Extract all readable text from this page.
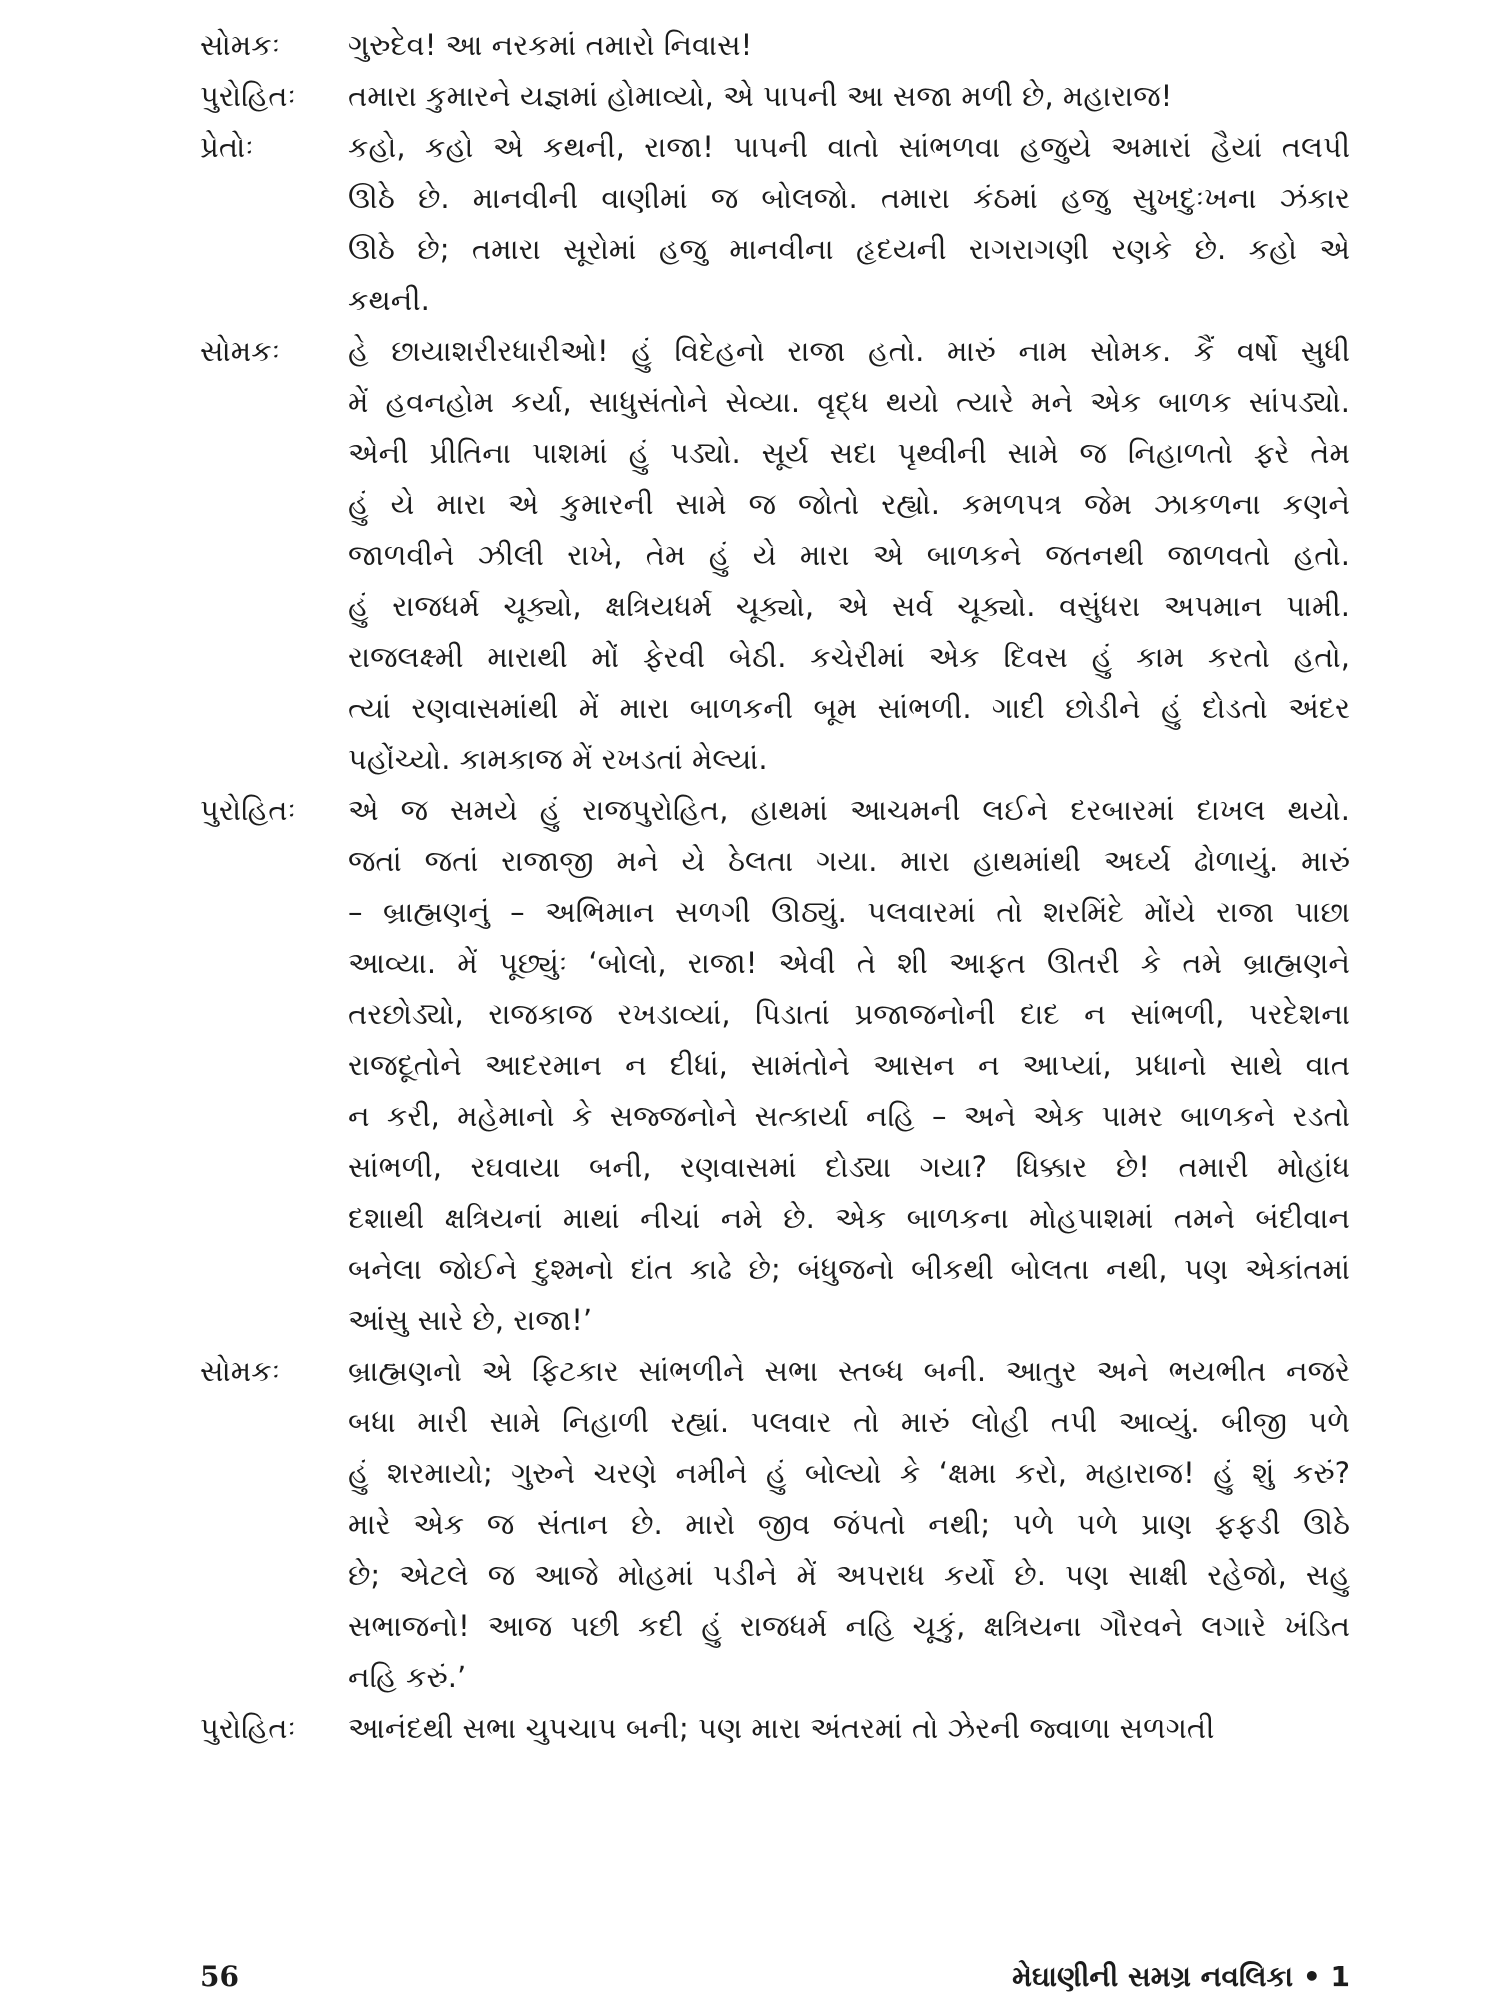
સોમકઃ	ગુરુદેવ! આ નરકમાં તમારો નિવાસ!
પુરોહિતઃ	તમારા કુમારને યજ્ઞમાં હોમાવ્યો, એ પાપની આ સજા મળી છે, મહારાજ!
પ્રેતોઃ	કહો, કહો એ કથની, રાજા! પાપની વાતો સાંભળવા હજુયે અમારાં હૈયાં તલપી
ઊઠે છે. માનવીની વાણીમાં જ બોલજો. તમારા કંઠમાં હજુ સુખદુઃખના ઝંકાર
ઊઠે છે; તમારા સૂરોમાં હજુ માનવીના હૃદયની રાગરાગણી રણકે છે. કહો એ
કથની.
સોમકઃ	હે છાયાશરીરધારીઓ! હું વિદેહનો રાજા હતો. મારું નામ સોમક. કૈં વર્ષો સુધી
મેં હવનહોમ કર્યા, સાધુસંતોને સેવ્યા. વૃદ્ધ થયો ત્યારે મને એક બાળક સાંપડ્યો.
એની પ્રીતિના પાશમાં હું પડ્યો. સૂર્ય સદા પૃથ્વીની સામે જ નિહાળતો ફરે તેમ
હું યે મારા એ કુમારની સામે જ જોતો રહ્યો. કમળપત્ર જેમ ઝાકળના કણને
જાળવીને ઝીલી રાખે, તેમ હું યે મારા એ બાળકને જતનથી જાળવતો હતો.
હું રાજધર્મ ચૂક્યો, ક્ષત્રિયધર્મ ચૂક્યો, એ સર્વ ચૂક્યો. વસુંધરા અપમાન પામી.
રાજલક્ષ્મી મારાથી મોં ફેરવી બેઠી. કચેરીમાં એક દિવસ હું કામ કરતો હતો,
ત્યાં રણવાસમાંથી મેં મારા બાળકની બૂમ સાંભળી. ગાદી છોડીને હું દોડતો અંદર
પહોંચ્યો. કામકાજ મેં રખડતાં મેલ્યાં.
પુરોહિતઃ	એ જ સમયે હું રાજપુરોહિત, હાથમાં આચમની લઈને દરબારમાં દાખલ થયો.
જતાં જતાં રાજાજી મને યે ઠેલતા ગયા. મારા હાથમાંથી અર્ઘ્ય ઢોળાયું. મારું
– બ્રાહ્મણનું – અભિમાન સળગી ઊઠ્યું. પલવારમાં તો શરમિંદે મોંયે રાજા પાછા
આવ્યા. મેં પૂછ્યુંઃ ‘બોલો, રાજા! એવી તે શી આફત ઊતરી કે તમે બ્રાહ્મણને
તરછોડ્યો, રાજકાજ રખડાવ્યાં, પિડાતાં પ્રજાજનોની દાદ ન સાંભળી, પરદેશના
રાજદૂતોને આદરમાન ન દીધાં, સામંતોને આસન ન આપ્યાં, પ્રધાનો સાથે વાત
ન કરી, મહેમાનો કે સજ્જનોને સત્કાર્યા નહિ – અને એક પામર બાળકને રડતો
સાંભળી, રઘવાયા બની, રણવાસમાં દોડ્યા ગયા? ધિક્કાર છે! તમારી મોહાંધ
દશાથી ક્ષત્રિયનાં માથાં નીચાં નમે છે. એક બાળકના મોહપાશમાં તમને બંદીવાન
બનેલા જોઈને દુશ્મનો દાંત કાઢે છે; બંધુજનો બીકથી બોલતા નથી, પણ એકાંતમાં
આંસુ સારે છે, રાજા!’
સોમકઃ	બ્રાહ્મણનો એ ફિટકાર સાંભળીને સભા સ્તબ્ધ બની. આતુર અને ભયભીત નજરે
બધા મારી સામે નિહાળી રહ્યાં. પલવાર તો મારું લોહી તપી આવ્યું. બીજી પળે
હું શરમાયો; ગુરુને ચરણે નમીને હું બોલ્યો કે ‘ક્ષમા કરો, મહારાજ! હું શું કરું?
મારે એક જ સંતાન છે. મારો જીવ જંપતો નથી; પળે પળે પ્રાણ ફફડી ઊઠે
છે; એટલે જ આજે મોહમાં પડીને મેં અપરાધ કર્યો છે. પણ સાક્ષી રહેજો, સહુ
સભાજનો! આજ પછી કદી હું રાજધર્મ નહિ ચૂકું, ક્ષત્રિયના ગૌરવને લગારે ખંડિત
નહિ કરું.’
પુરોહિતઃ	આનંદથી સભા ચુપચાપ બની; પણ મારા અંતરમાં તો ઝેરની જ્વાળા સળગતી
56	મેઘાણીની સમગ્ર નવલિકા • 1
